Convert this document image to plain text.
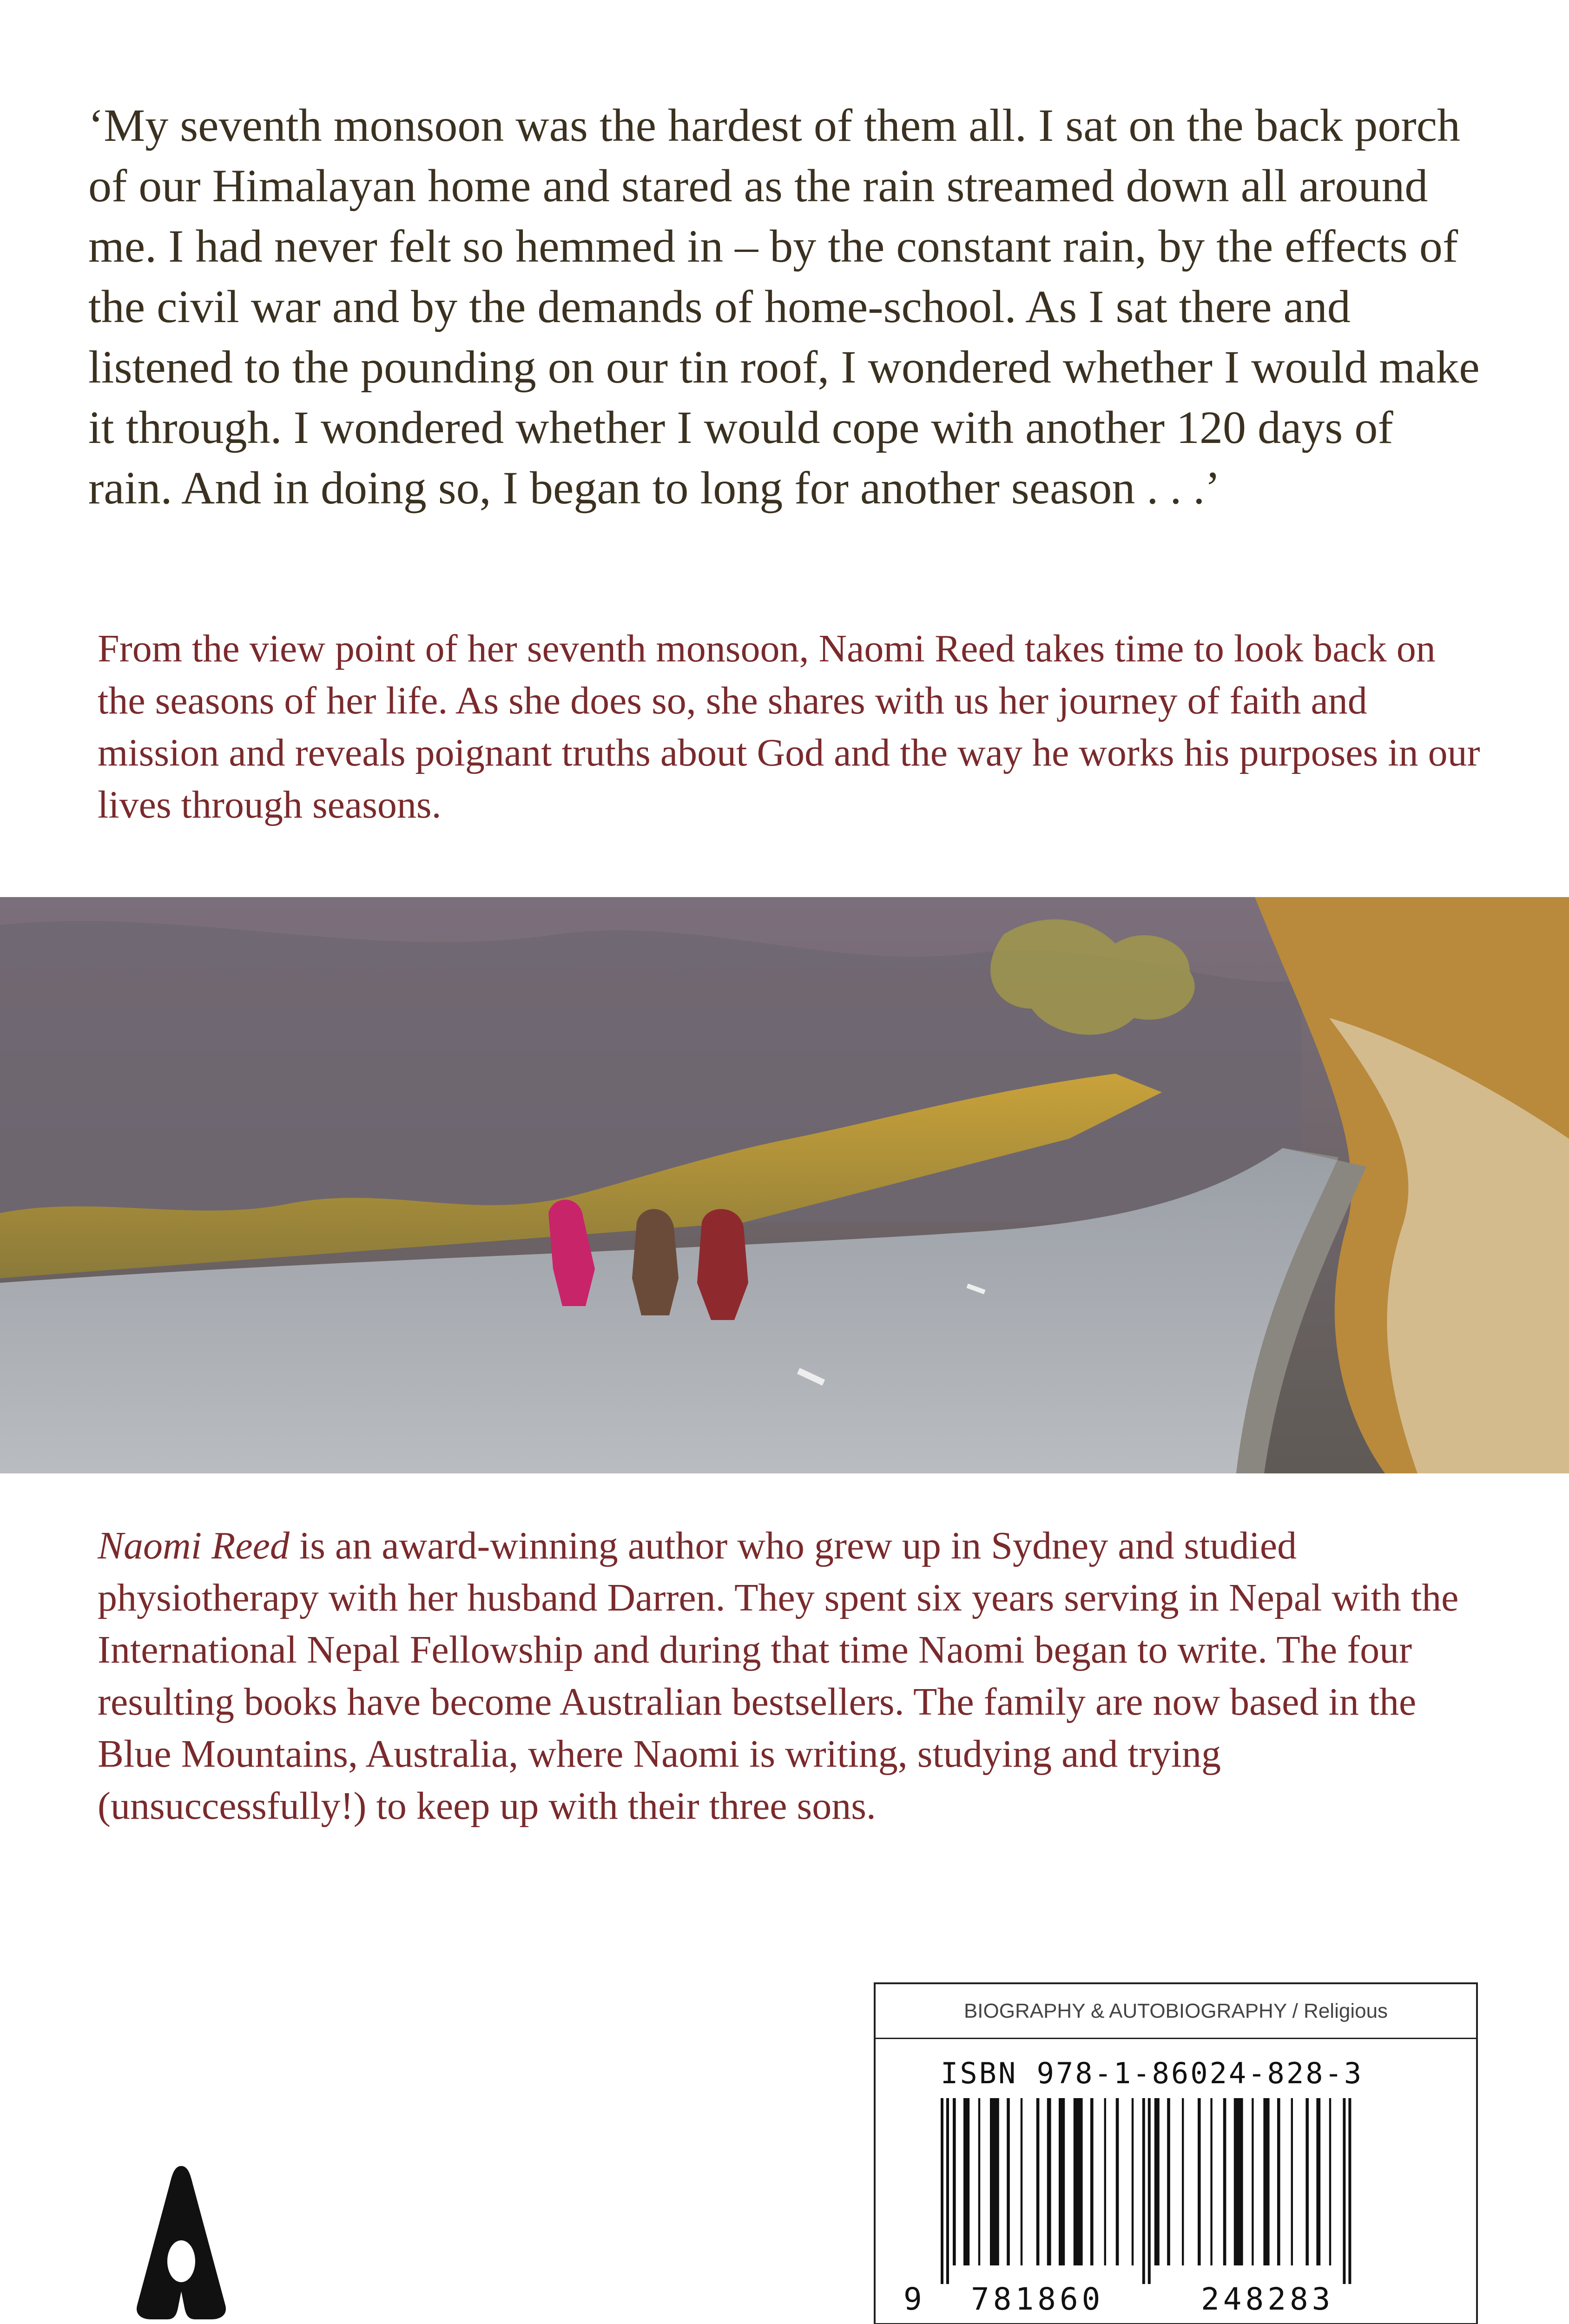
‘My seventh monsoon was the hardest of them all. I sat on the back porch of our Himalayan home and stared as the rain streamed down all around me. I had never felt so hemmed in – by the constant rain, by the effects of the civil war and by the demands of home-school. As I sat there and listened to the pounding on our tin roof, I wondered whether I would make it through. I wondered whether I would cope with another 120 days of rain. And in doing so, I began to long for another season . . .’

From the view point of her seventh monsoon, Naomi Reed takes time to look back on the seasons of her life. As she does so, she shares with us her journey of faith and mission and reveals poignant truths about God and the way he works his purposes in our lives through seasons.

Naomi Reed is an award-winning author who grew up in Sydney and studied physiotherapy with her husband Darren. They spent six years serving in Nepal with the International Nepal Fellowship and during that time Naomi began to write. The four resulting books have become Australian bestsellers. The family are now based in the Blue Mountains, Australia, where Naomi is writing, studying and trying (unsuccessfully!) to keep up with their three sons.

BIOGRAPHY & AUTOBIOGRAPHY / Religious
ISBN 978-1-86024-828-3
9 781860	248283
